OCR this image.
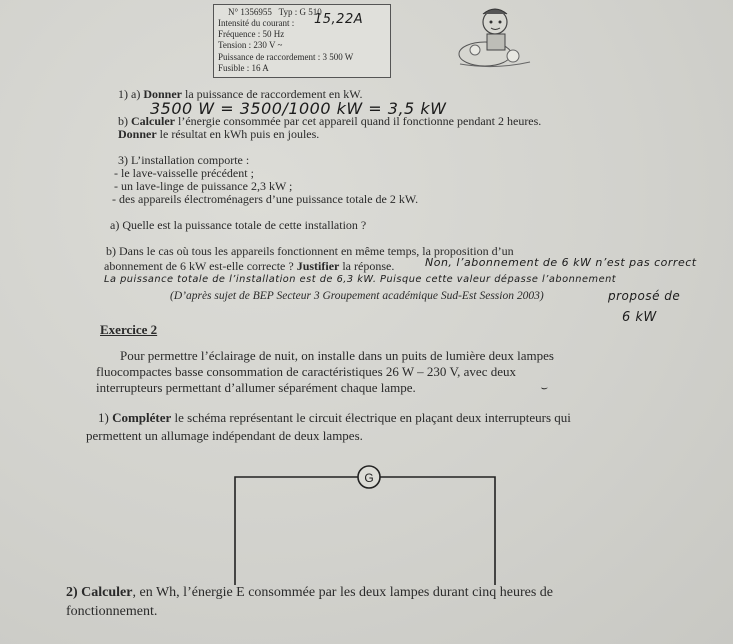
N° 1356955 Typ : G 510
Intensité du courant : 15,22A
Fréquence : 50 Hz
Tension : 230 V ~
Puissance de raccordement : 3 500 W
Fusible : 16 A
1) a) Donner la puissance de raccordement en kW.
3500 W = 3500/1000 kW = 3,5 kW
b) Calculer l’énergie consommée par cet appareil quand il fonctionne pendant 2 heures.
Donner le résultat en kWh puis en joules.
3) L’installation comporte :
- le lave-vaisselle précédent ;
- un lave-linge de puissance 2,3 kW ;
- des appareils électroménagers d’une puissance totale de 2 kW.
a) Quelle est la puissance totale de cette installation ?
b) Dans le cas où tous les appareils fonctionnent en même temps, la proposition d’un
abonnement de 6 kW est-elle correcte ? Justifier la réponse.	Non, l’abonnement de 6 kW n’est pas correct
La puissance totale de l’installation est de 6,3 kW. Puisque cette valeur dépasse l’abonnement
(D’après sujet de BEP Secteur 3 Groupement académique Sud-Est Session 2003)	proposé de
6 kW
Exercice 2
Pour permettre l’éclairage de nuit, on installe dans un puits de lumière deux lampes
fluocompactes basse consommation de caractéristiques 26 W – 230 V, avec deux
interrupteurs permettant d’allumer séparément chaque lampe.	⌣
1) Compléter le schéma représentant le circuit électrique en plaçant deux interrupteurs qui
permettent un allumage indépendant de deux lampes.
G
2) Calculer, en Wh, l’énergie E consommée par les deux lampes durant cinq heures de
fonctionnement.
